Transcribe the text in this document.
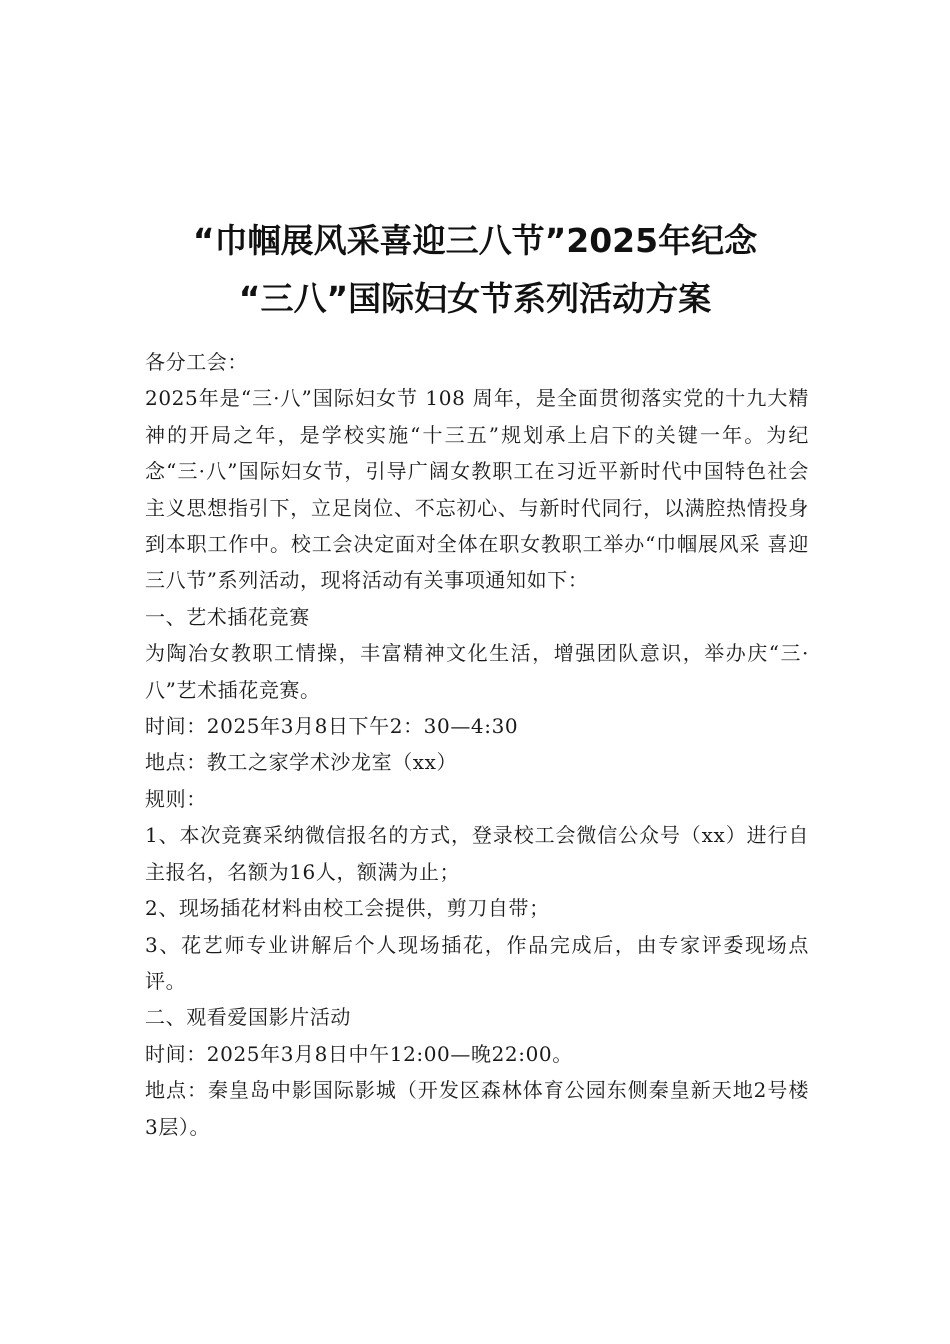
“巾帼展风采喜迎三八节”2025年纪念
“三八”国际妇女节系列活动方案

各分工会：

2025年是“三·八”国际妇女节 108 周年，是全面贯彻落实党的十九大精神的开局之年，是学校实施“十三五”规划承上启下的关键一年。为纪念“三·八”国际妇女节，引导广阔女教职工在习近平新时代中国特色社会主义思想指引下，立足岗位、不忘初心、与新时代同行，以满腔热情投身到本职工作中。校工会决定面对全体在职女教职工举办“巾帼展风采 喜迎三八节”系列活动，现将活动有关事项通知如下：

一、艺术插花竞赛

为陶冶女教职工情操，丰富精神文化生活，增强团队意识，举办庆“三·八”艺术插花竞赛。

时间：2025年3月8日下午2：30—4:30

地点：教工之家学术沙龙室（xx）

规则：

1、本次竞赛采纳微信报名的方式，登录校工会微信公众号（xx）进行自主报名，名额为16人，额满为止；

2、现场插花材料由校工会提供，剪刀自带；

3、花艺师专业讲解后个人现场插花，作品完成后，由专家评委现场点评。

二、观看爱国影片活动

时间：2025年3月8日中午12:00—晚22:00。

地点：秦皇岛中影国际影城（开发区森林体育公园东侧秦皇新天地2号楼3层）。
